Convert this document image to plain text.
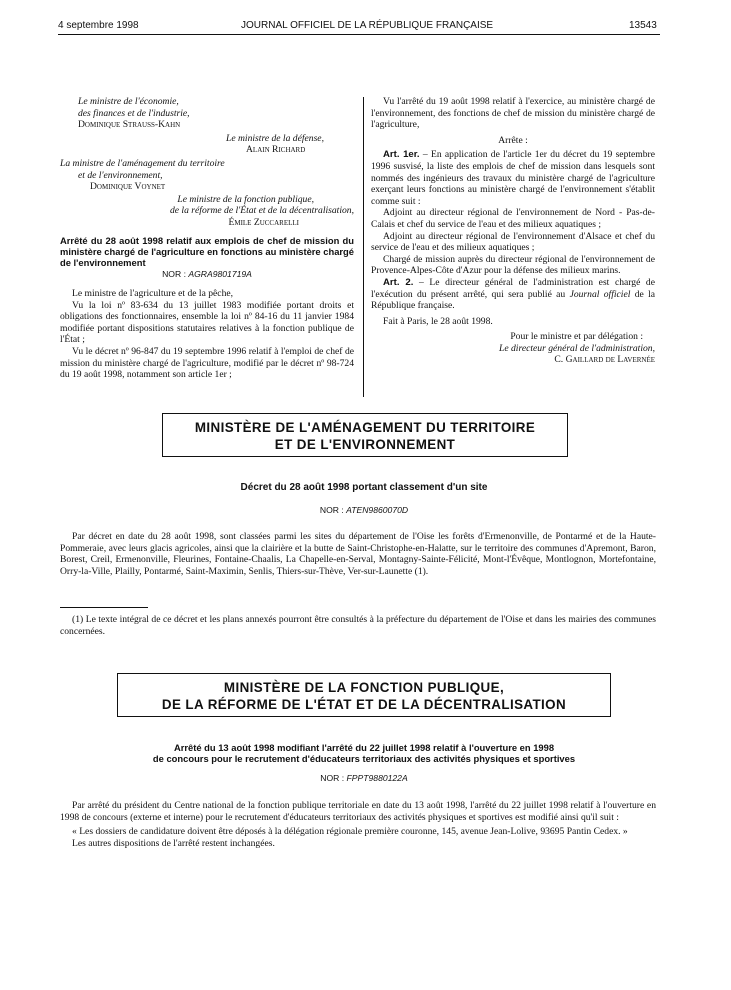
4 septembre 1998	JOURNAL OFFICIEL DE LA RÉPUBLIQUE FRANÇAISE	13543
Le ministre de l'économie,
des finances et de l'industrie,
Dominique Strauss-Kahn
Le ministre de la défense,
Alain Richard
La ministre de l'aménagement du territoire
et de l'environnement,
Dominique Voynet
Le ministre de la fonction publique,
de la réforme de l'État et de la décentralisation,
Émile Zuccarelli
Arrêté du 28 août 1998 relatif aux emplois de chef de mission du ministère chargé de l'agriculture en fonctions au ministère chargé de l'environnement
NOR : AGRA9801719A

Le ministre de l'agriculture et de la pêche,

Vu la loi nº 83-634 du 13 juillet 1983 modifiée portant droits et obligations des fonctionnaires, ensemble la loi nº 84-16 du 11 janvier 1984 modifiée portant dispositions statutaires relatives à la fonction publique de l'État ;

Vu le décret nº 96-847 du 19 septembre 1996 relatif à l'emploi de chef de mission du ministère chargé de l'agriculture, modifié par le décret nº 98-724 du 19 août 1998, notamment son article 1er ;

Vu l'arrêté du 19 août 1998 relatif à l'exercice, au ministère chargé de l'environnement, des fonctions de chef de mission du ministère chargé de l'agriculture,

Arrête :

Art. 1er. – En application de l'article 1er du décret du 19 septembre 1996 susvisé, la liste des emplois de chef de mission dans lesquels sont nommés des ingénieurs des travaux du ministère chargé de l'agriculture exerçant leurs fonctions au ministère chargé de l'environnement s'établit comme suit :

Adjoint au directeur régional de l'environnement de Nord - Pas-de-Calais et chef du service de l'eau et des milieux aquatiques ;

Adjoint au directeur régional de l'environnement d'Alsace et chef du service de l'eau et des milieux aquatiques ;

Chargé de mission auprès du directeur régional de l'environnement de Provence-Alpes-Côte d'Azur pour la défense des milieux marins.

Art. 2. – Le directeur général de l'administration est chargé de l'exécution du présent arrêté, qui sera publié au Journal officiel de la République française.

Fait à Paris, le 28 août 1998.

Pour le ministre et par délégation :
Le directeur général de l'administration,
C. Gaillard de Lavernée
MINISTÈRE DE L'AMÉNAGEMENT DU TERRITOIRE
ET DE L'ENVIRONNEMENT
Décret du 28 août 1998 portant classement d'un site
NOR : ATEN9860070D

Par décret en date du 28 août 1998, sont classées parmi les sites du département de l'Oise les forêts d'Ermenonville, de Pontarmé et de la Haute-Pommeraie, avec leurs glacis agricoles, ainsi que la clairière et la butte de Saint-Christophe-en-Halatte, sur le territoire des communes d'Apremont, Baron, Borest, Creil, Ermenonville, Fleurines, Fontaine-Chaalis, La Chapelle-en-Serval, Montagny-Sainte-Félicité, Mont-l'Évêque, Montlognon, Mortefontaine, Orry-la-Ville, Plailly, Pontarmé, Saint-Maximin, Senlis, Thiers-sur-Thève, Ver-sur-Launette (1).

(1) Le texte intégral de ce décret et les plans annexés pourront être consultés à la préfecture du département de l'Oise et dans les mairies des communes concernées.

MINISTÈRE DE LA FONCTION PUBLIQUE,
DE LA RÉFORME DE L'ÉTAT ET DE LA DÉCENTRALISATION
Arrêté du 13 août 1998 modifiant l'arrêté du 22 juillet 1998 relatif à l'ouverture en 1998
de concours pour le recrutement d'éducateurs territoriaux des activités physiques et sportives
NOR : FPPT9880122A

Par arrêté du président du Centre national de la fonction publique territoriale en date du 13 août 1998, l'arrêté du 22 juillet 1998 relatif à l'ouverture en 1998 de concours (externe et interne) pour le recrutement d'éducateurs territoriaux des activités physiques et sportives est modifié ainsi qu'il suit :

« Les dossiers de candidature doivent être déposés à la délégation régionale première couronne, 145, avenue Jean-Lolive, 93695 Pantin Cedex. »

Les autres dispositions de l'arrêté restent inchangées.
